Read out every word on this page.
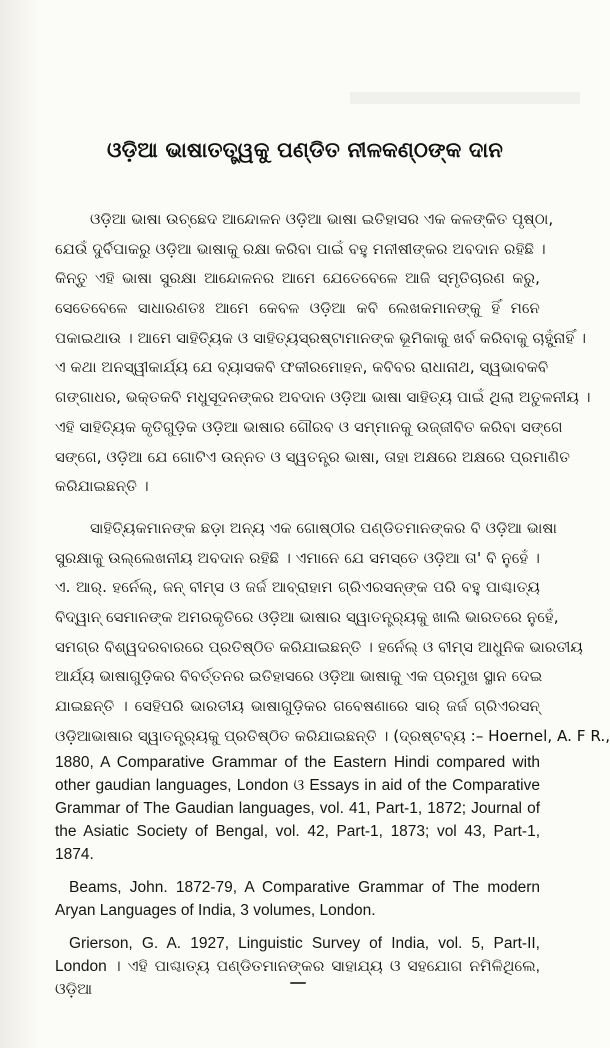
ଓଡ଼ିଆ ଭାଷାତତ୍ତ୍ୱକୁ ପଣ୍ଡିତ ନୀଳକଣ୍ଠଙ୍କ ଦାନ
ଓଡ଼ିଆ ଭାଷା ଉଚ୍ଛେଦ ଆନ୍ଦୋଳନ ଓଡ଼ିଆ ଭାଷା ଇତିହାସର ଏକ କଳଙ୍କିତ ପୃଷ୍ଠା,
ଯେଉଁ ଦୁର୍ବିପାକରୁ ଓଡ଼ିଆ ଭାଷାକୁ ରକ୍ଷା କରିବା ପାଇଁ ବହୁ ମନୀଷୀଙ୍କର ଅବଦାନ ରହିଛି ।
କିନ୍ତୁ ଏହି ଭାଷା ସୁରକ୍ଷା ଆନ୍ଦୋଳନର ଆମେ ଯେତେବେଳେ ଆଜି ସ୍ମୃତିଚାରଣ କରୁ,
ସେତେବେଳେ ସାଧାରଣତଃ ଆମେ କେବଳ ଓଡ଼ିଆ କବି ଲେଖକମାନଙ୍କୁ ହିଁ ମନେ
ପକାଇଥାଉ । ଆମେ ସାହିତ୍ୟିକ ଓ ସାହିତ୍ୟସ୍ରଷ୍ଟାମାନଙ୍କ ଭୂମିକାକୁ ଖର୍ବ କରିବାକୁ ଚାହୁଁନାହିଁ ।
ଏ କଥା ଅନସ୍ୱୀକାର୍ଯ୍ୟ ଯେ ବ୍ୟାସକବି ଫକୀରମୋହନ, କବିବର ରାଧାନାଥ, ସ୍ୱଭାବକବି
ଗଙ୍ଗାଧର, ଭକ୍ତକବି ମଧୁସୂଦନଙ୍କର ଅବଦାନ ଓଡ଼ିଆ ଭାଷା ସାହିତ୍ୟ ପାଇଁ ଥିଲା ଅତୁଳନୀୟ ।
ଏହି ସାହିତ୍ୟିକ କୃତିଗୁଡ଼ିକ ଓଡ଼ିଆ ଭାଷାର ଗୌରବ ଓ ସମ୍ମାନକୁ ଉଜ୍ଜୀବିତ କରିବା ସଙ୍ଗେ
ସଙ୍ଗେ, ଓଡ଼ିଆ ଯେ ଗୋଟିଏ ଉନ୍ନତ ଓ ସ୍ୱତନ୍ତ୍ର ଭାଷା, ତାହା ଅକ୍ଷରେ ଅକ୍ଷରେ ପ୍ରମାଣିତ
କରିଯାଇଛନ୍ତି ।
ସାହିତ୍ୟିକମାନଙ୍କ ଛଡ଼ା ଅନ୍ୟ ଏକ ଗୋଷ୍ଠୀର ପଣ୍ଡିତମାନଙ୍କର ବି ଓଡ଼ିଆ ଭାଷା
ସୁରକ୍ଷାକୁ ଉଲ୍ଲେଖନୀୟ ଅବଦାନ ରହିଛି । ଏମାନେ ଯେ ସମସ୍ତେ ଓଡ଼ିଆ ତା' ବି ନୁହେଁ ।
ଏ. ଆର୍. ହର୍ନେଲ୍, ଜନ୍ ବୀମ୍ସ ଓ ଜର୍ଜ ଆବ୍ରାହାମ ଗ୍ରିଏରସନ୍ଙ୍କ ପରି ବହୁ ପାଶ୍ଚାତ୍ୟ
ବିଦ୍ୱାନ୍ ସେମାନଙ୍କ ଅମରକୃତିରେ ଓଡ଼ିଆ ଭାଷାର ସ୍ୱାତନ୍ତ୍ର୍ୟକୁ ଖାଲି ଭାରତରେ ନୁହେଁ,
ସମଗ୍ର ବିଶ୍ୱଦରବାରରେ ପ୍ରତିଷ୍ଠିତ କରିଯାଇଛନ୍ତି । ହର୍ନେଲ୍ ଓ ବୀମ୍ସ ଆଧୁନିକ ଭାରତୀୟ
ଆର୍ଯ୍ୟ ଭାଷାଗୁଡ଼ିକର ବିବର୍ତ୍ତନର ଇତିହାସରେ ଓଡ଼ିଆ ଭାଷାକୁ ଏକ ପ୍ରମୁଖ ସ୍ଥାନ ଦେଇ
ଯାଇଛନ୍ତି । ସେହିପରି ଭାରତୀୟ ଭାଷାଗୁଡ଼ିକର ଗବେଷଣାରେ ସାର୍ ଜର୍ଜ ଗ୍ରିଏରସନ୍
ଓଡ଼ିଆଭାଷାର ସ୍ୱାତନ୍ତ୍ର୍ୟକୁ ପ୍ରତିଷ୍ଠିତ କରିଯାଇଛନ୍ତି । (ଦ୍ରଷ୍ଟବ୍ୟ :– Hoernel, A. F R.,

1880, A Comparative Grammar of the Eastern Hindi compared with other gaudian languages, London ଓ Essays in aid of the Comparative Grammar of The Gaudian languages, vol. 41, Part-1, 1872; Journal of the Asiatic Society of Bengal, vol. 42, Part-1, 1873; vol 43, Part-1, 1874.

Beams, John. 1872-79, A Comparative Grammar of The modern Aryan Languages of India, 3 volumes, London.

Grierson, G. A. 1927, Linguistic Survey of India, vol. 5, Part-II, London । ଏହି ପାଶ୍ଚାତ୍ୟ ପଣ୍ଡିତମାନଙ୍କର ସାହାଯ୍ୟ ଓ ସହଯୋଗ ନମିଳିଥିଲେ, ଓଡ଼ିଆ
